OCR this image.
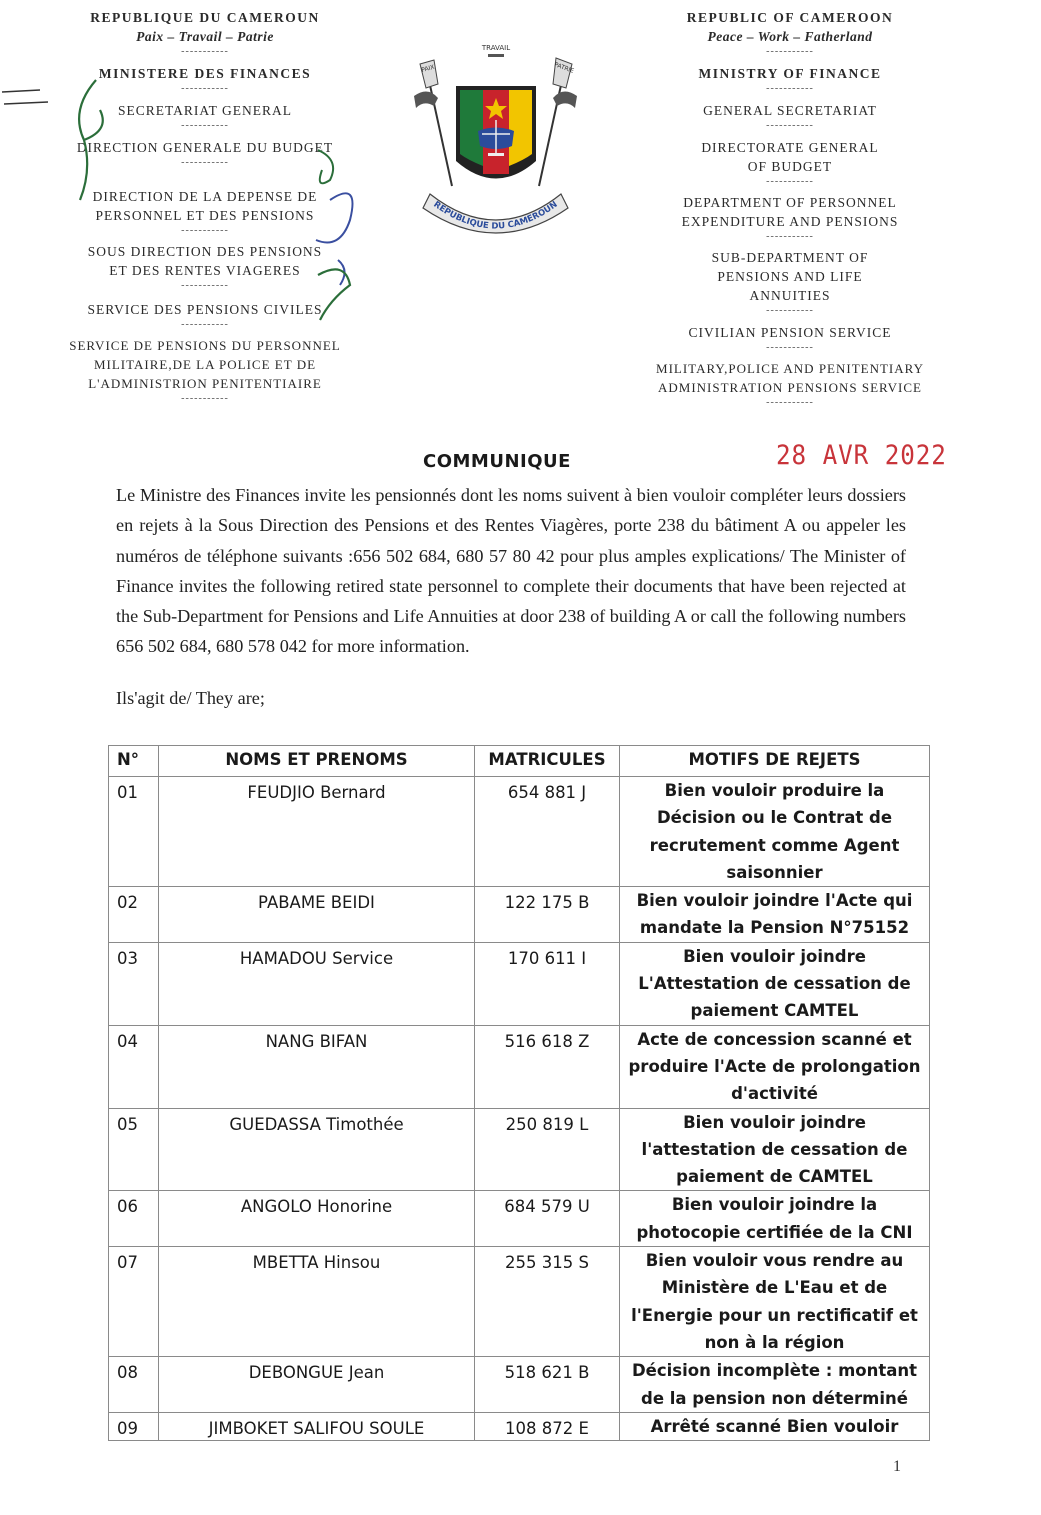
REPUBLIQUE DU CAMEROUN
Paix – Travail – Patrie
-----------
MINISTERE DES FINANCES
-----------
SECRETARIAT GENERAL
-----------
DIRECTION GENERALE DU BUDGET
-----------
DIRECTION DE LA DEPENSE DE PERSONNEL ET DES PENSIONS
-----------
SOUS DIRECTION DES PENSIONS ET DES RENTES VIAGERES
-----------
SERVICE DES PENSIONS CIVILES
-----------
SERVICE DE PENSIONS DU PERSONNEL MILITAIRE,DE LA POLICE ET DE L'ADMINISTRION PENITENTIAIRE
-----------
REPUBLIC OF CAMEROON
Peace – Work – Fatherland
-----------
MINISTRY OF FINANCE
-----------
GENERAL SECRETARIAT
-----------
DIRECTORATE GENERAL OF BUDGET
-----------
DEPARTMENT OF PERSONNEL EXPENDITURE AND PENSIONS
-----------
SUB-DEPARTMENT OF PENSIONS AND LIFE ANNUITIES
-----------
CIVILIAN PENSION SERVICE
-----------
MILITARY,POLICE AND PENITENTIARY ADMINISTRATION PENSIONS SERVICE
-----------
TRAVAIL
PAIX	PATRIE
REPUBLIQUE DU CAMEROUN
COMMUNIQUE	28 AVR 2022

Le Ministre des Finances invite les pensionnés dont les noms suivent à bien vouloir compléter leurs dossiers en rejets à la Sous Direction des Pensions et des Rentes Viagères, porte 238 du bâtiment A ou appeler les numéros de téléphone suivants :656 502 684, 680 57 80 42 pour plus amples explications/ The Minister of Finance invites the following retired state personnel to complete their documents that have been rejected at the Sub-Department for Pensions and Life Annuities at door 238 of building A or call the following numbers 656 502 684, 680 578 042 for more information.

Ils'agit de/ They are;
N°	NOMS ET PRENOMS	MATRICULES	MOTIFS DE REJETS
01	FEUDJIO Bernard	654 881 J	Bien vouloir produire la Décision ou le Contrat de recrutement comme Agent saisonnier
02	PABAME BEIDI	122 175 B	Bien vouloir joindre l'Acte qui mandate la Pension N°75152
03	HAMADOU Service	170 611 I	Bien vouloir joindre L'Attestation de cessation de paiement CAMTEL
04	NANG BIFAN	516 618 Z	Acte de concession scanné et produire l'Acte de prolongation d'activité
05	GUEDASSA Timothée	250 819 L	Bien vouloir joindre l'attestation de cessation de paiement de CAMTEL
06	ANGOLO Honorine	684 579 U	Bien vouloir joindre la photocopie certifiée de la CNI
07	MBETTA Hinsou	255 315 S	Bien vouloir vous rendre au Ministère de L'Eau et de l'Energie pour un rectificatif et non à la région
08	DEBONGUE Jean	518 621 B	Décision incomplète : montant de la pension non déterminé
09	JIMBOKET SALIFOU SOULE	108 872 E	Arrêté scanné Bien vouloir
1
